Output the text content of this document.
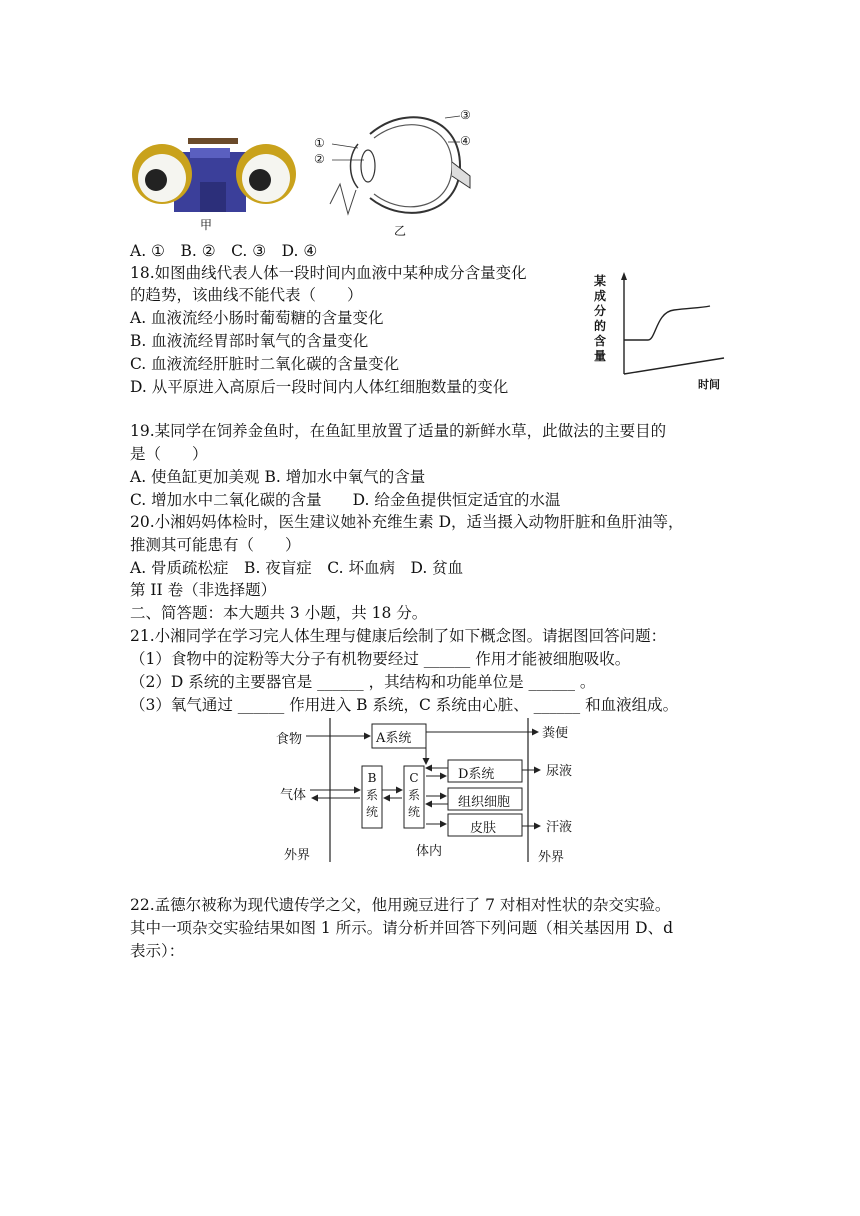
甲
①
②
③
④
乙
A. ①　B. ②　C. ③　D. ④
18.如图曲线代表人体一段时间内血液中某种成分含量变化
的趋势，该曲线不能代表（　　）
A. 血液流经小肠时葡萄糖的含量变化
B. 血液流经胃部时氧气的含量变化
C. 血液流经肝脏时二氧化碳的含量变化
D. 从平原进入高原后一段时间内人体红细胞数量的变化
某成分的含量
时间
19.某同学在饲养金鱼时，在鱼缸里放置了适量的新鲜水草，此做法的主要目的
是（　　）
A. 使鱼缸更加美观 B. 增加水中氧气的含量
C. 增加水中二氧化碳的含量　　D. 给金鱼提供恒定适宜的水温
20.小湘妈妈体检时，医生建议她补充维生素 D，适当摄入动物肝脏和鱼肝油等，
推测其可能患有（　　）
A. 骨质疏松症　B. 夜盲症　C. 坏血病　D. 贫血
第 II 卷（非选择题）
二、简答题：本大题共 3 小题，共 18 分。
21.小湘同学在学习完人体生理与健康后绘制了如下概念图。请据图回答问题：
（1）食物中的淀粉等大分子有机物要经过 ______ 作用才能被细胞吸收。
（2）D 系统的主要器官是 ______ ，其结构和功能单位是 ______ 。
（3）氧气通过 ______ 作用进入 B 系统，C 系统由心脏、 ______ 和血液组成。
食物
气体
A系统
B
系
统
C
系
统
D系统
组织细胞
皮肤
粪便
尿液
汗液
外界	体内	外界
22.孟德尔被称为现代遗传学之父，他用豌豆进行了 7 对相对性状的杂交实验。
其中一项杂交实验结果如图 1 所示。请分析并回答下列问题（相关基因用 D、d
表示）：
